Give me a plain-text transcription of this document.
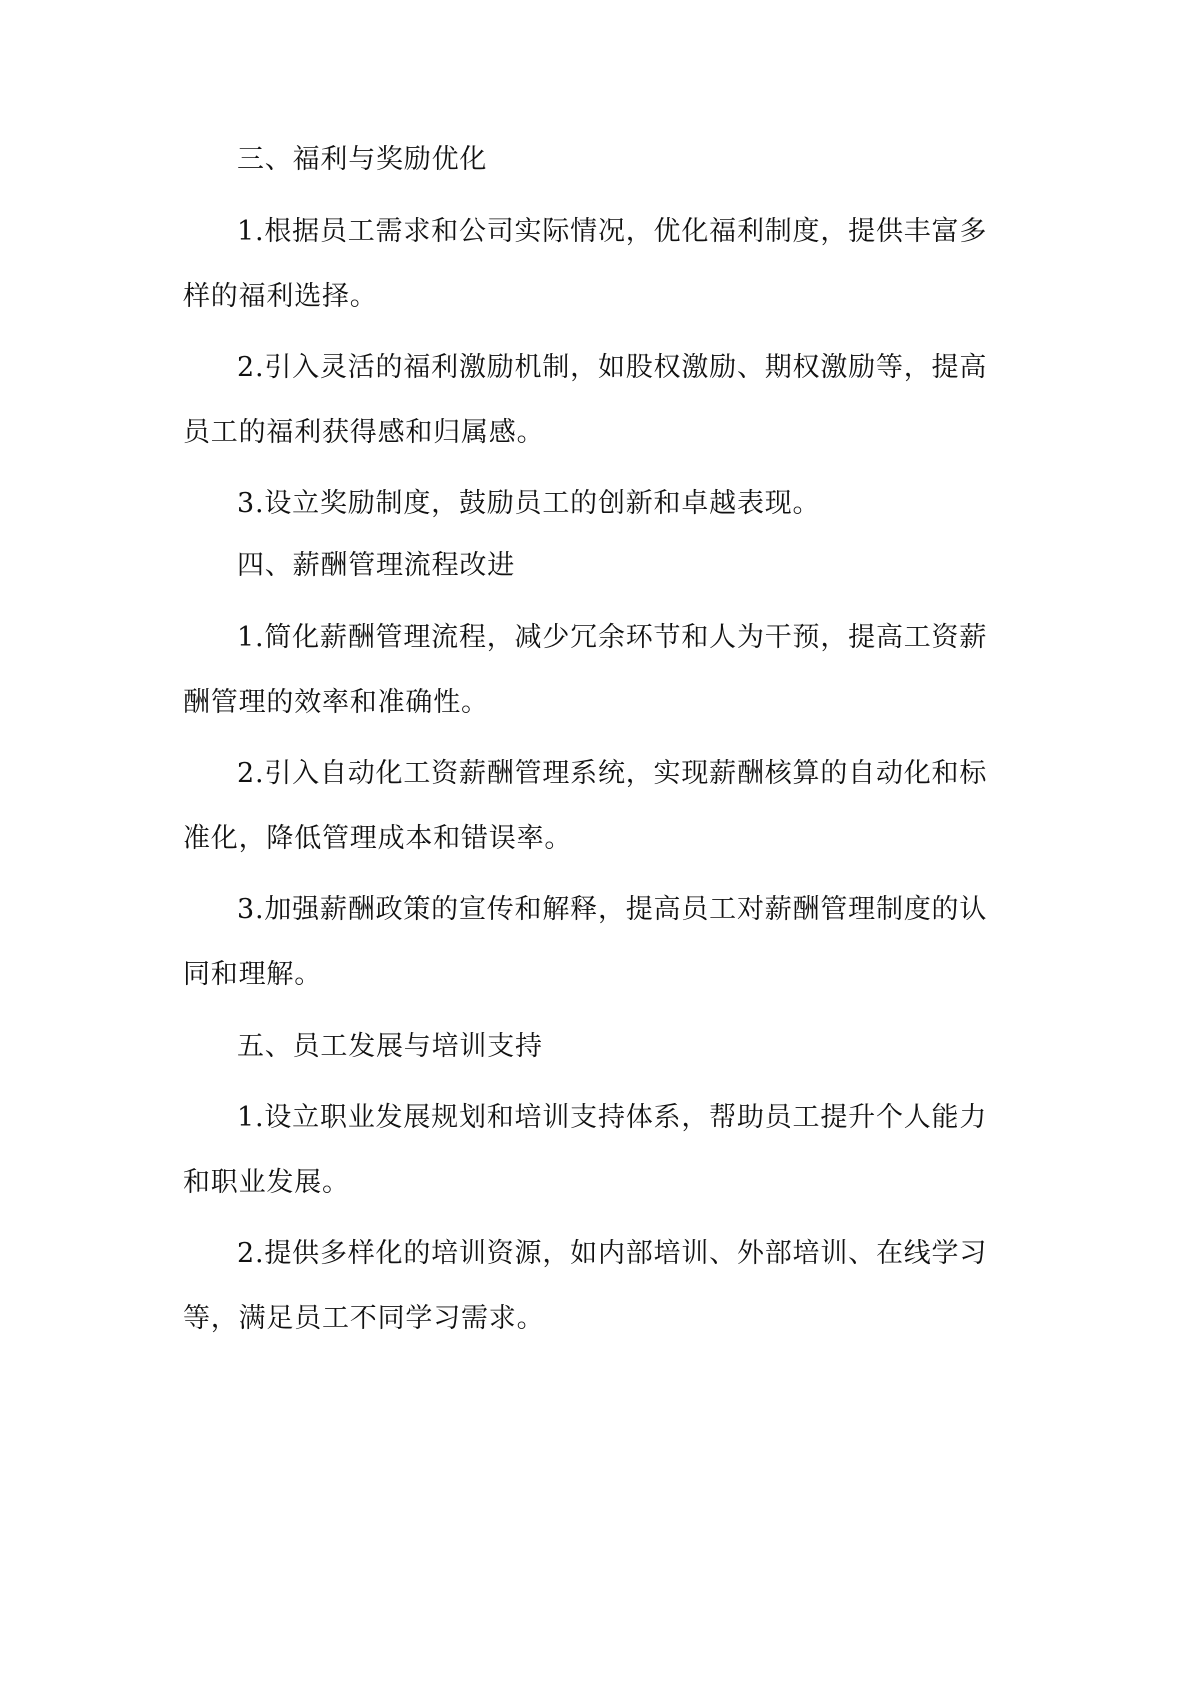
三、福利与奖励优化
1.根据员工需求和公司实际情况，优化福利制度，提供丰富多
样的福利选择。
2.引入灵活的福利激励机制，如股权激励、期权激励等，提高
员工的福利获得感和归属感。
3.设立奖励制度，鼓励员工的创新和卓越表现。
四、薪酬管理流程改进
1.简化薪酬管理流程，减少冗余环节和人为干预，提高工资薪
酬管理的效率和准确性。
2.引入自动化工资薪酬管理系统，实现薪酬核算的自动化和标
准化，降低管理成本和错误率。
3.加强薪酬政策的宣传和解释，提高员工对薪酬管理制度的认
同和理解。
五、员工发展与培训支持
1.设立职业发展规划和培训支持体系，帮助员工提升个人能力
和职业发展。
2.提供多样化的培训资源，如内部培训、外部培训、在线学习
等，满足员工不同学习需求。
